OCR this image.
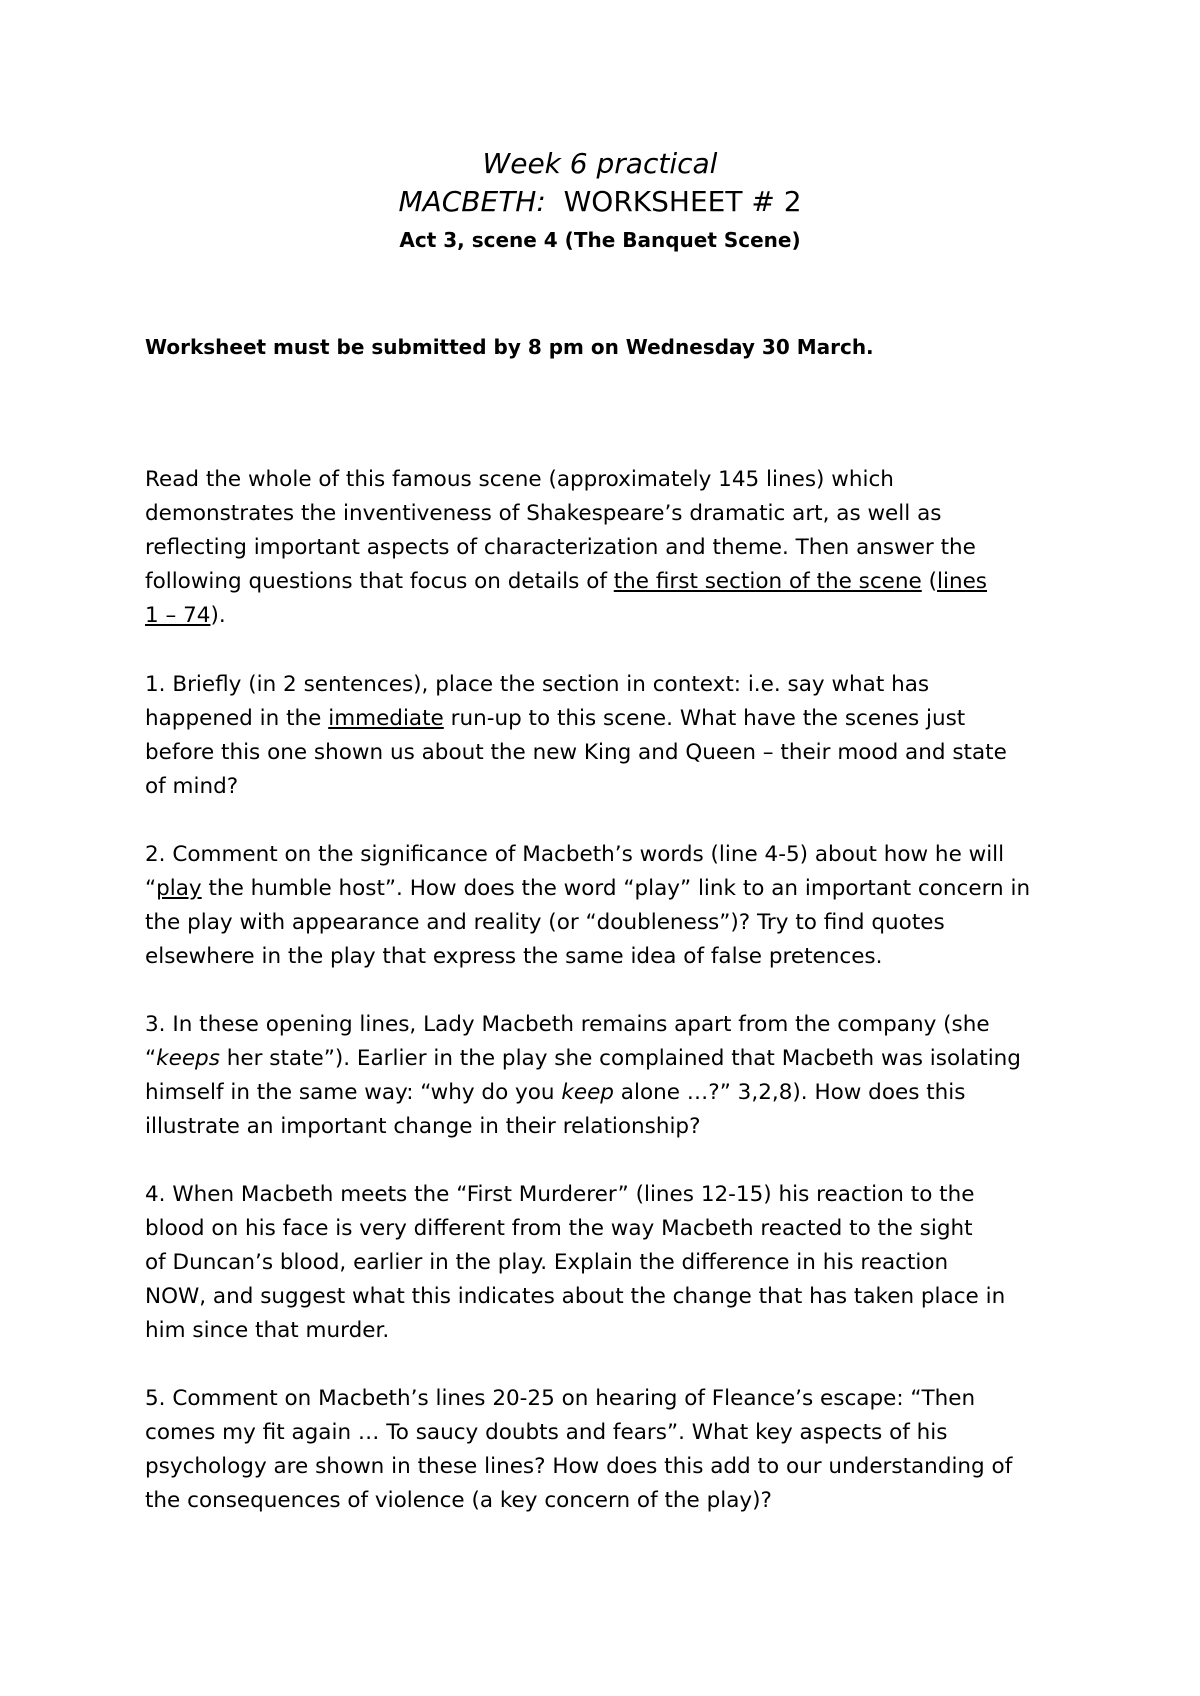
Week 6 practical
MACBETH: WORKSHEET # 2
Act 3, scene 4 (The Banquet Scene)
Worksheet must be submitted by 8 pm on Wednesday 30 March.
Read the whole of this famous scene (approximately 145 lines) which
demonstrates the inventiveness of Shakespeare’s dramatic art, as well as
reflecting important aspects of characterization and theme. Then answer the
following questions that focus on details of the first section of the scene (lines
1 – 74).
1. Briefly (in 2 sentences), place the section in context: i.e. say what has
happened in the immediate run-up to this scene. What have the scenes just
before this one shown us about the new King and Queen – their mood and state
of mind?
2. Comment on the significance of Macbeth’s words (line 4-5) about how he will
“play the humble host”. How does the word “play” link to an important concern in
the play with appearance and reality (or “doubleness”)? Try to find quotes
elsewhere in the play that express the same idea of false pretences.
3. In these opening lines, Lady Macbeth remains apart from the company (she
“keeps her state”). Earlier in the play she complained that Macbeth was isolating
himself in the same way: “why do you keep alone …?” 3,2,8). How does this
illustrate an important change in their relationship?
4. When Macbeth meets the “First Murderer” (lines 12-15) his reaction to the
blood on his face is very different from the way Macbeth reacted to the sight
of Duncan’s blood, earlier in the play. Explain the difference in his reaction
NOW, and suggest what this indicates about the change that has taken place in
him since that murder.
5. Comment on Macbeth’s lines 20-25 on hearing of Fleance’s escape: “Then
comes my fit again … To saucy doubts and fears”. What key aspects of his
psychology are shown in these lines? How does this add to our understanding of
the consequences of violence (a key concern of the play)?
